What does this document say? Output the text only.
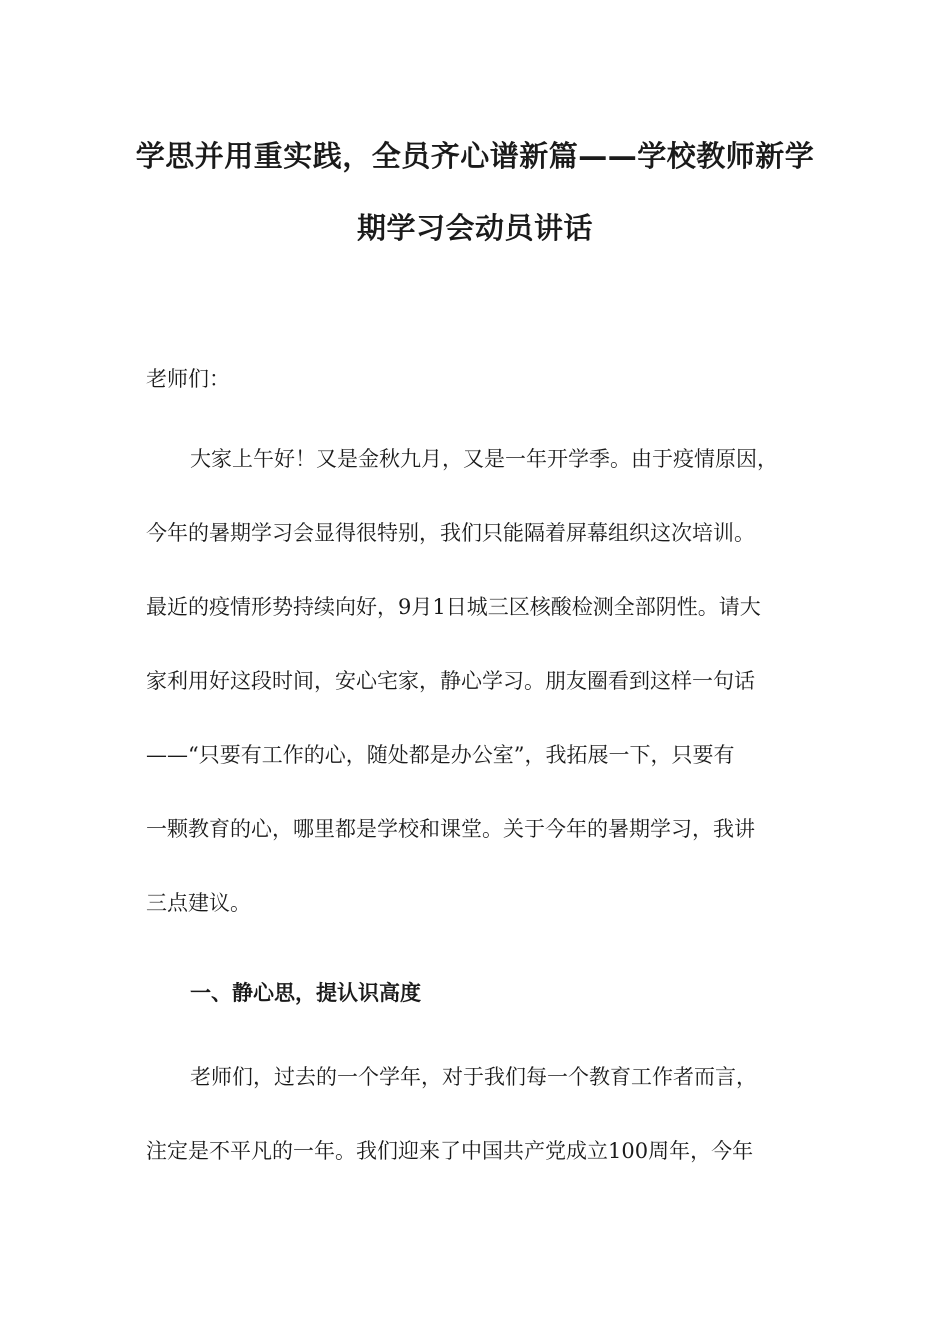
学思并用重实践，全员齐心谱新篇——学校教师新学
期学习会动员讲话
老师们：
大家上午好！又是金秋九月，又是一年开学季。由于疫情原因，
今年的暑期学习会显得很特别，我们只能隔着屏幕组织这次培训。
最近的疫情形势持续向好，9月1日城三区核酸检测全部阴性。请大
家利用好这段时间，安心宅家，静心学习。朋友圈看到这样一句话
——“只要有工作的心，随处都是办公室”，我拓展一下，只要有
一颗教育的心，哪里都是学校和课堂。关于今年的暑期学习，我讲
三点建议。
一、静心思，提认识高度
老师们，过去的一个学年，对于我们每一个教育工作者而言，
注定是不平凡的一年。我们迎来了中国共产党成立100周年，今年
